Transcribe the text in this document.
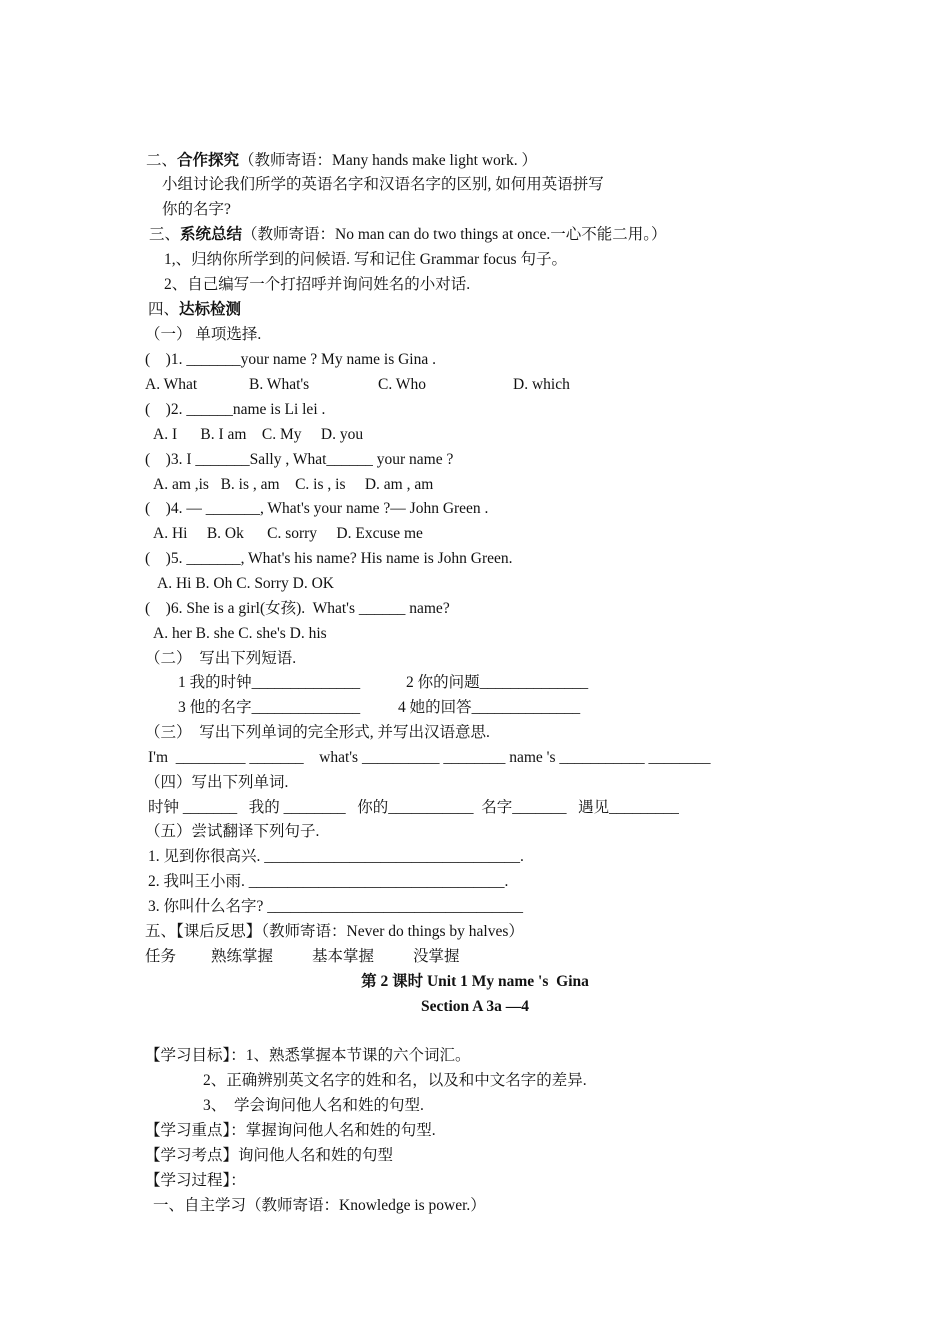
二、合作探究（教师寄语：Many hands make light work. ）
小组讨论我们所学的英语名字和汉语名字的区别, 如何用英语拼写
你的名字?
三、系统总结（教师寄语：No man can do two things at once.一心不能二用。）
1,、归纳你所学到的问候语. 写和记住 Grammar focus 句子。
2、自己编写一个打招呼并询问姓名的小对话.
四、达标检测
（一） 单项选择.
(    )1. _______your name ? My name is Gina .
A. What	B. What's	C. Who	D. which
(    )2. ______name is Li lei .
A. I      B. I am    C. My     D. you
(    )3. I _______Sally , What______ your name ?
A. am ,is   B. is , am    C. is , is     D. am , am
(    )4. — _______, What's your name ?— John Green .
A. Hi     B. Ok      C. sorry     D. Excuse me
(    )5. _______, What's his name? His name is John Green.
A. Hi B. Oh C. Sorry D. OK
(    )6. She is a girl(女孩).  What's ______ name?
A. her B. she C. she's D. his
（二）  写出下列短语.
1 我的时钟______________	2 你的问题______________
3 他的名字______________ 4 她的回答______________
（三）  写出下列单词的完全形式, 并写出汉语意思.
I'm  _________ _______    what's __________ ________ name 's ___________ ________
（四）写出下列单词.
时钟 _______   我的 ________   你的___________  名字_______   遇见_________
（五）尝试翻译下列句子.
1. 见到你很高兴. _________________________________.
2. 我叫王小雨. _________________________________.
3. 你叫什么名字? _________________________________
五、【课后反思】（教师寄语：Never do things by halves）
任务 熟练掌握	基本掌握	没掌握
第 2 课时 Unit 1 My name 's  Gina
Section A 3a —4
【学习目标】：1、熟悉掌握本节课的六个词汇。
2、正确辨别英文名字的姓和名，以及和中文名字的差异.
3、  学会询问他人名和姓的句型.
【学习重点】：掌握询问他人名和姓的句型.
【学习考点】询问他人名和姓的句型
【学习过程】：
一、自主学习（教师寄语：Knowledge is power.）
